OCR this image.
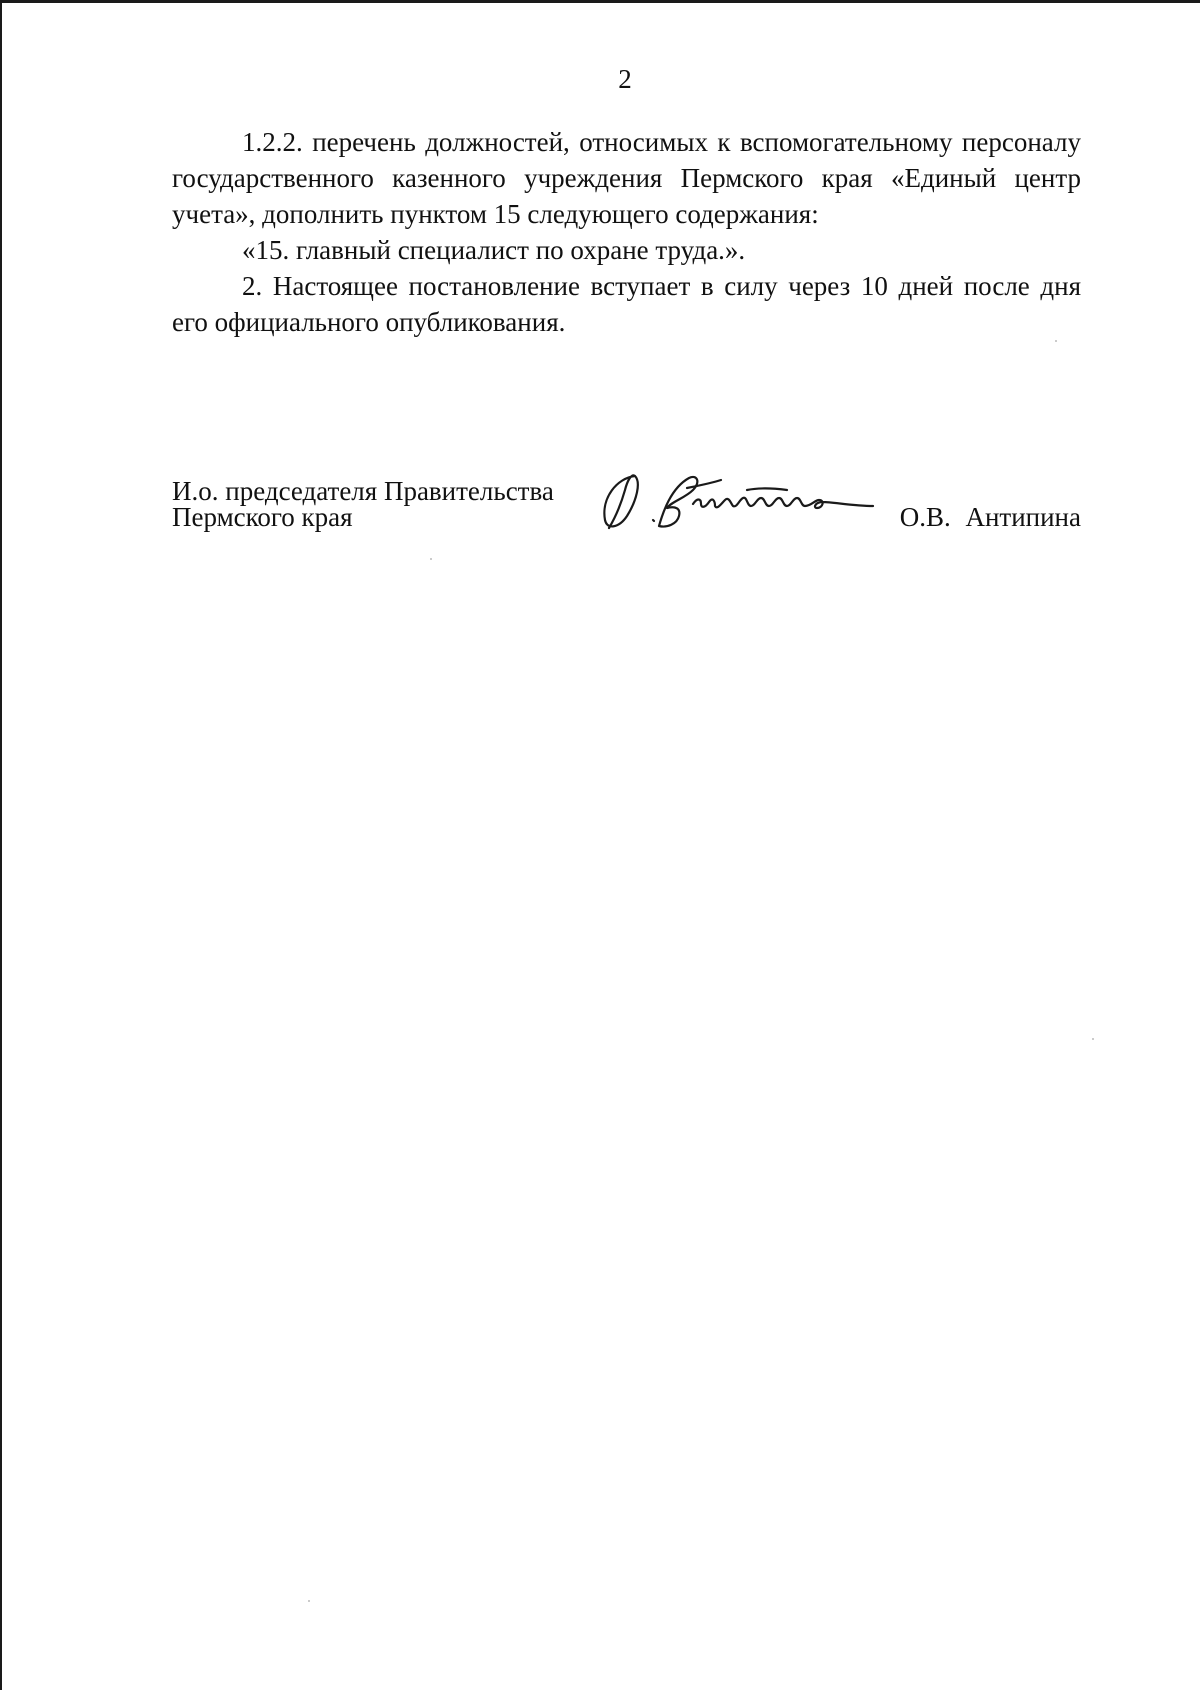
2

1.2.2. перечень должностей, относимых к вспомогательному персоналу государственного казенного учреждения Пермского края «Единый центр учета», дополнить пунктом 15 следующего содержания:

«15. главный специалист по охране труда.».

2. Настоящее постановление вступает в силу через 10 дней после дня его официального опубликования.

И.о. председателя Правительства
Пермского края	О.В. Антипина
